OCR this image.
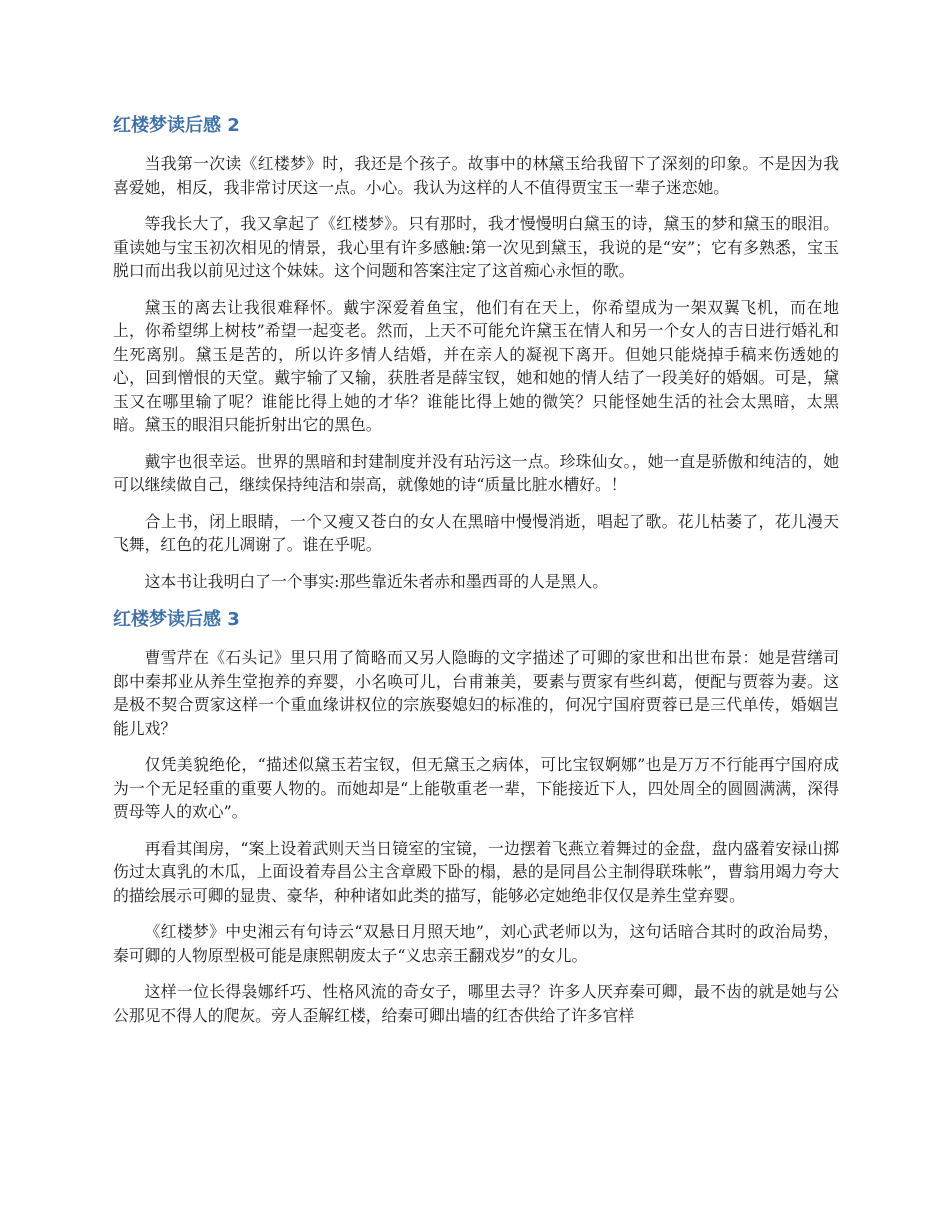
红楼梦读后感 2

当我第一次读《红楼梦》时，我还是个孩子。故事中的林黛玉给我留下了深刻的印象。不是因为我喜爱她，相反，我非常讨厌这一点。小心。我认为这样的人不值得贾宝玉一辈子迷恋她。

等我长大了，我又拿起了《红楼梦》。只有那时，我才慢慢明白黛玉的诗，黛玉的梦和黛玉的眼泪。重读她与宝玉初次相见的情景，我心里有许多感触:第一次见到黛玉，我说的是“安”；它有多熟悉，宝玉脱口而出我以前见过这个妹妹。这个问题和答案注定了这首痴心永恒的歌。

黛玉的离去让我很难释怀。戴宇深爱着鱼宝，他们有在天上，你希望成为一架双翼飞机，而在地上，你希望绑上树枝”希望一起变老。然而，上天不可能允许黛玉在情人和另一个女人的吉日进行婚礼和生死离别。黛玉是苦的，所以许多情人结婚，并在亲人的凝视下离开。但她只能烧掉手稿来伤透她的心，回到憎恨的天堂。戴宇输了又输，获胜者是薛宝钗，她和她的情人结了一段美好的婚姻。可是，黛玉又在哪里输了呢？谁能比得上她的才华？谁能比得上她的微笑？只能怪她生活的社会太黑暗，太黑暗。黛玉的眼泪只能折射出它的黑色。

戴宇也很幸运。世界的黑暗和封建制度并没有玷污这一点。珍珠仙女。，她一直是骄傲和纯洁的，她可以继续做自己，继续保持纯洁和崇高，就像她的诗“质量比脏水槽好。！

合上书，闭上眼睛，一个又瘦又苍白的女人在黑暗中慢慢消逝，唱起了歌。花儿枯萎了，花儿漫天飞舞，红色的花儿凋谢了。谁在乎呢。

这本书让我明白了一个事实:那些靠近朱者赤和墨西哥的人是黑人。

红楼梦读后感 3

曹雪芹在《石头记》里只用了简略而又另人隐晦的文字描述了可卿的家世和出世布景：她是营缮司郎中秦邦业从养生堂抱养的弃婴，小名唤可儿，台甫兼美，要素与贾家有些纠葛，便配与贾蓉为妻。这是极不契合贾家这样一个重血缘讲权位的宗族娶媳妇的标准的，何况宁国府贾蓉已是三代单传，婚姻岂能儿戏？

仅凭美貌绝伦，“描述似黛玉若宝钗，但无黛玉之病体，可比宝钗婀娜”也是万万不行能再宁国府成为一个无足轻重的重要人物的。而她却是“上能敬重老一辈，下能接近下人，四处周全的圆圆满满，深得贾母等人的欢心”。

再看其闺房，“案上设着武则天当日镜室的宝镜，一边摆着飞燕立着舞过的金盘，盘内盛着安禄山掷伤过太真乳的木瓜，上面设着寿昌公主含章殿下卧的榻，悬的是同昌公主制得联珠帐”，曹翁用竭力夸大的描绘展示可卿的显贵、豪华，种种诸如此类的描写，能够必定她绝非仅仅是养生堂弃婴。

《红楼梦》中史湘云有句诗云“双悬日月照天地”，刘心武老师以为，这句话暗合其时的政治局势，秦可卿的人物原型极可能是康熙朝废太子“义忠亲王翻戏岁”的女儿。

这样一位长得袅娜纤巧、性格风流的奇女子，哪里去寻？许多人厌弃秦可卿，最不齿的就是她与公公那见不得人的爬灰。旁人歪解红楼，给秦可卿出墙的红杏供给了许多官样
